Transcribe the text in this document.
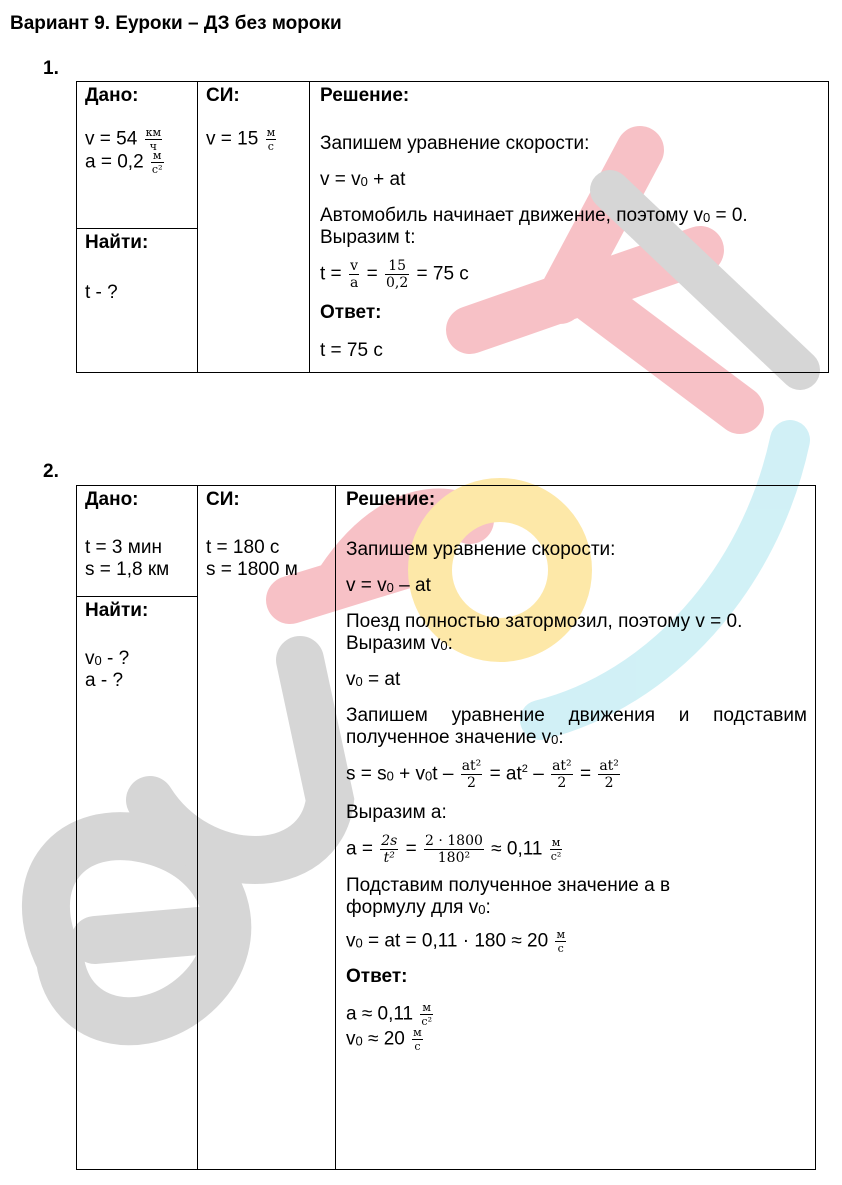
Вариант 9. Еуроки – ДЗ без мороки
1.
Дано:
$v = 54 \frac{км}{ч}$
$a = 0,2 \frac{м}{\text{с²}}$

СИ:
$v = 15 \frac{м}{с}$

Решение:
Запишем уравнение скорости:
v = v0 + at
Автомобиль начинает движение, поэтому v0 = 0.
Выразим t:
$t = \frac{v}{a} = \frac{15}{0,2} = 75$ с
Ответ:
t = 75 с

Найти:
t - ?
2.
Дано:
t = 3 мин
s = 1,8 км

СИ:
t = 180 с
s = 1800 м

Решение:
Запишем уравнение скорости:
v = v0 – at
Поезд полностью затормозил, поэтому v = 0.
Выразим v0:
v0 = at
Запишем уравнение движения и подставим
полученное значение v0:
$s = s0 + v0t - \frac{\text{at²}}{2} = at^2 - \frac{\text{at²}}{2} = \frac{\text{at²}}{2}$
Выразим a:
$a = \frac{2s}{\text{t²}} = \frac{2 \cdot 1800}{\text{180²}} \approx 0,11 \frac{м}{\text{с²}}$
Подставим полученное значение a в
формулу для v0:
v0 = at = $0,11 \cdot 180 \approx 20 \frac{м}{с}$
Ответ:
$a \approx 0,11 \frac{м}{\text{с²}}$
$v0 \approx 20 \frac{м}{с}$

Найти:
v0 - ?
a - ?
